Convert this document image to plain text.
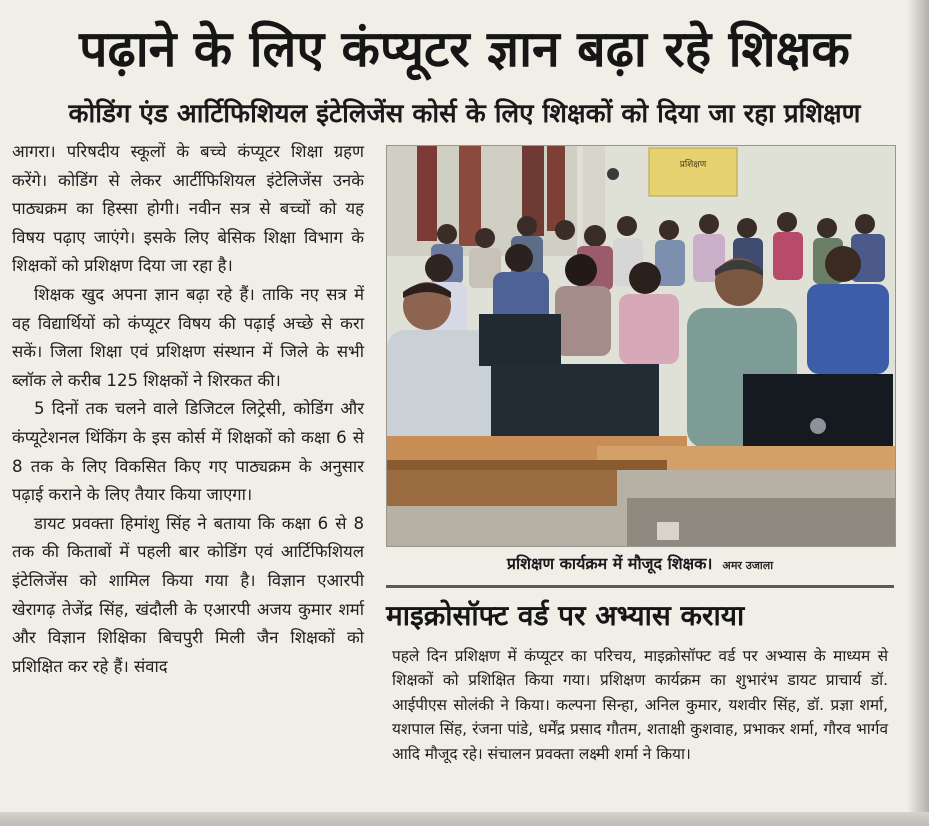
पढ़ाने के लिए कंप्यूटर ज्ञान बढ़ा रहे शिक्षक
कोडिंग एंड आर्टिफिशियल इंटेलिजेंस कोर्स के लिए शिक्षकों को दिया जा रहा प्रशिक्षण

आगरा। परिषदीय स्कूलों के बच्चे कंप्यूटर शिक्षा ग्रहण करेंगे। कोडिंग से लेकर आर्टीफिशियल इंटेलिजेंस उनके पाठ्यक्रम का हिस्सा होगी। नवीन सत्र से बच्चों को यह विषय पढ़ाए जाएंगे। इसके लिए बेसिक शिक्षा विभाग के शिक्षकों को प्रशिक्षण दिया जा रहा है।

शिक्षक खुद अपना ज्ञान बढ़ा रहे हैं। ताकि नए सत्र में वह विद्यार्थियों को कंप्यूटर विषय की पढ़ाई अच्छे से करा सकें। जिला शिक्षा एवं प्रशिक्षण संस्थान में जिले के सभी ब्लॉक ले करीब 125 शिक्षकों ने शिरकत की।

5 दिनों तक चलने वाले डिजिटल लिट्रेसी, कोडिंग और कंप्यूटेशनल थिंकिंग के इस कोर्स में शिक्षकों को कक्षा 6 से 8 तक के लिए विकसित किए गए पाठ्यक्रम के अनुसार पढ़ाई कराने के लिए तैयार किया जाएगा।

डायट प्रवक्ता हिमांशु सिंह ने बताया कि कक्षा 6 से 8 तक की किताबों में पहली बार कोडिंग एवं आर्टिफिशियल इंटेलिजेंस को शामिल किया गया है। विज्ञान एआरपी खेरागढ़ तेजेंद्र सिंह, खंदौली के एआरपी अजय कुमार शर्मा और विज्ञान शिक्षिका बिचपुरी मिली जैन शिक्षकों को प्रशिक्षित कर रहे हैं। संवाद

प्रशिक्षण
प्रशिक्षण कार्यक्रम में मौजूद शिक्षक। अमर उजाला
माइक्रोसॉफ्ट वर्ड पर अभ्यास कराया

पहले दिन प्रशिक्षण में कंप्यूटर का परिचय, माइक्रोसॉफ्ट वर्ड पर अभ्यास के माध्यम से शिक्षकों को प्रशिक्षित किया गया। प्रशिक्षण कार्यक्रम का शुभारंभ डायट प्राचार्य डॉ. आईपीएस सोलंकी ने किया। कल्पना सिन्हा, अनिल कुमार, यशवीर सिंह, डॉ. प्रज्ञा शर्मा, यशपाल सिंह, रंजना पांडे, धर्मेंद्र प्रसाद गौतम, शताक्षी कुशवाह, प्रभाकर शर्मा, गौरव भार्गव आदि मौजूद रहे। संचालन प्रवक्ता लक्ष्मी शर्मा ने किया।
